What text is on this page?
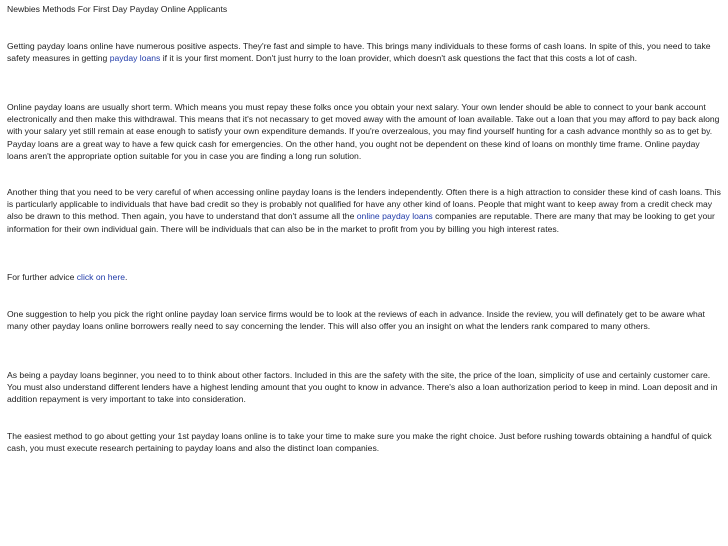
Newbies Methods For First Day Payday Online Applicants

Getting payday loans online have numerous positive aspects. They're fast and simple to have. This brings many individuals to these forms of cash loans. In spite of this, you need to take safety measures in getting payday loans if it is your first moment. Don't just hurry to the loan provider, which doesn't ask questions the fact that this costs a lot of cash.

Online payday loans are usually short term. Which means you must repay these folks once you obtain your next salary. Your own lender should be able to connect to your bank account electronically and then make this withdrawal. This means that it's not necassary to get moved away with the amount of loan available. Take out a loan that you may afford to pay back along with your salary yet still remain at ease enough to satisfy your own expenditure demands. If you're overzealous, you may find yourself hunting for a cash advance monthly so as to get by. Payday loans are a great way to have a few quick cash for emergencies. On the other hand, you ought not be dependent on these kind of loans on monthly time frame. Online payday loans aren't the appropriate option suitable for you in case you are finding a long run solution.

Another thing that you need to be very careful of when accessing online payday loans is the lenders independently. Often there is a high attraction to consider these kind of cash loans. This is particularly applicable to individuals that have bad credit so they is probably not qualified for have any other kind of loans. People that might want to keep away from a credit check may also be drawn to this method. Then again, you have to understand that don't assume all the online payday loans companies are reputable. There are many that may be looking to get your information for their own individual gain. There will be individuals that can also be in the market to profit from you by billing you high interest rates.

For further advice click on here.

One suggestion to help you pick the right online payday loan service firms would be to look at the reviews of each in advance. Inside the review, you will definately get to be aware what many other payday loans online borrowers really need to say concerning the lender. This will also offer you an insight on what the lenders rank compared to many others.

As being a payday loans beginner, you need to to think about other factors. Included in this are the safety with the site, the price of the loan, simplicity of use and certainly customer care. You must also understand different lenders have a highest lending amount that you ought to know in advance. There's also a loan authorization period to keep in mind. Loan deposit and in addition repayment is very important to take into consideration.

The easiest method to go about getting your 1st payday loans online is to take your time to make sure you make the right choice. Just before rushing towards obtaining a handful of quick cash, you must execute research pertaining to payday loans and also the distinct loan companies.
